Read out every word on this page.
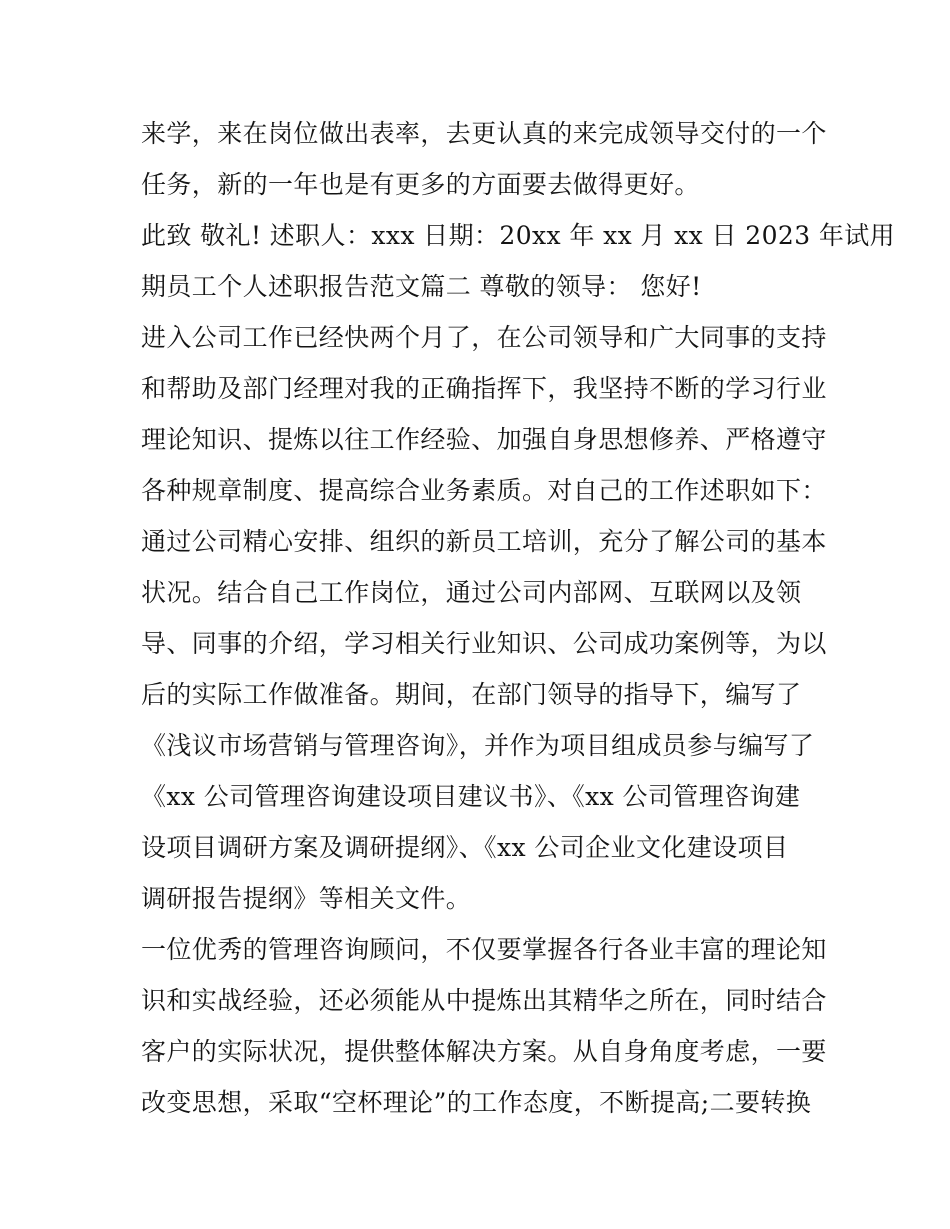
来学，来在岗位做出表率，去更认真的来完成领导交付的一个
任务，新的一年也是有更多的方面要去做得更好。
此致 敬礼! 述职人：xxx 日期：20xx 年 xx 月 xx 日 2023 年试用
期员工个人述职报告范文篇二 尊敬的领导： 您好!
进入公司工作已经快两个月了，在公司领导和广大同事的支持
和帮助及部门经理对我的正确指挥下，我坚持不断的学习行业
理论知识、提炼以往工作经验、加强自身思想修养、严格遵守
各种规章制度、提高综合业务素质。对自己的工作述职如下：
通过公司精心安排、组织的新员工培训，充分了解公司的基本
状况。结合自己工作岗位，通过公司内部网、互联网以及领
导、同事的介绍，学习相关行业知识、公司成功案例等，为以
后的实际工作做准备。期间，在部门领导的指导下，编写了
《浅议市场营销与管理咨询》，并作为项目组成员参与编写了
《xx 公司管理咨询建设项目建议书》、《xx 公司管理咨询建
设项目调研方案及调研提纲》、《xx 公司企业文化建设项目
调研报告提纲》等相关文件。
一位优秀的管理咨询顾问，不仅要掌握各行各业丰富的理论知
识和实战经验，还必须能从中提炼出其精华之所在，同时结合
客户的实际状况，提供整体解决方案。从自身角度考虑，一要
改变思想，采取“空杯理论”的工作态度，不断提高;二要转换
